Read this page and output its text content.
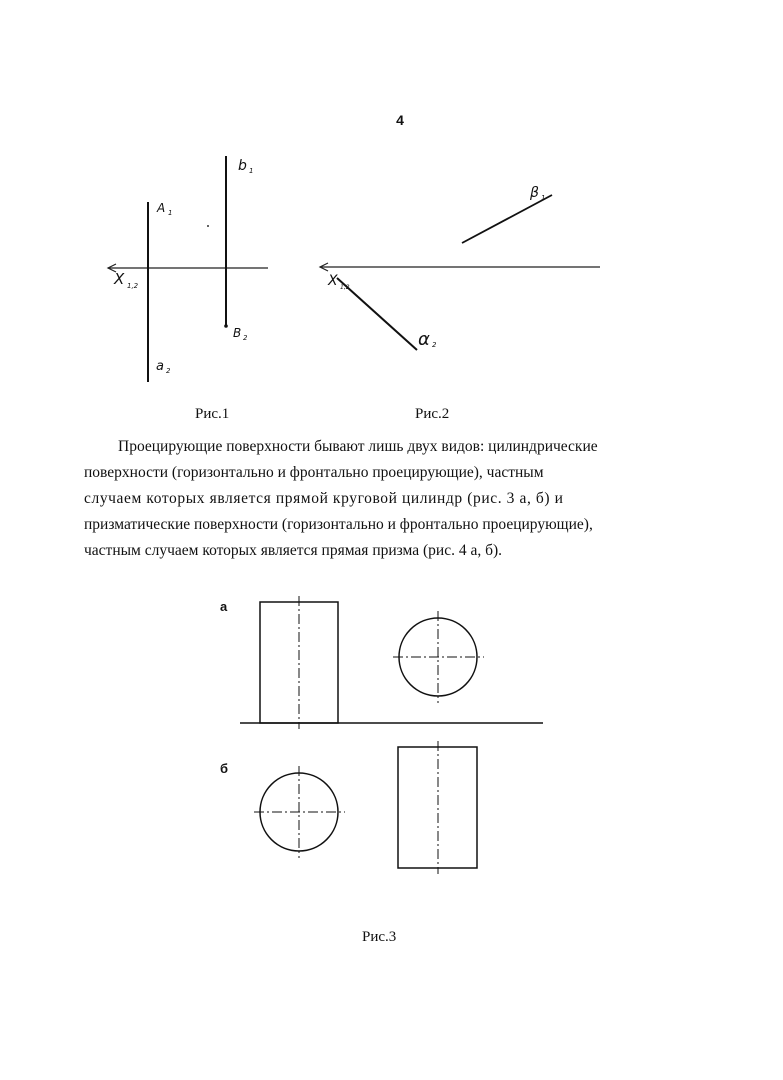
4
X 1,2
A 1
a 2
b 1
B 2
X 1,2
β 1
α 2
Рис.1	Рис.2
Проецирующие поверхности бывают лишь двух видов: цилиндрические
поверхности (горизонтально и фронтально проецирующие), частным
случаем которых является прямой круговой цилиндр (рис. 3 а, б) и
призматические поверхности (горизонтально и фронтально проецирующие),
частным случаем которых является прямая призма (рис. 4 а, б).
а
б
Рис.3
